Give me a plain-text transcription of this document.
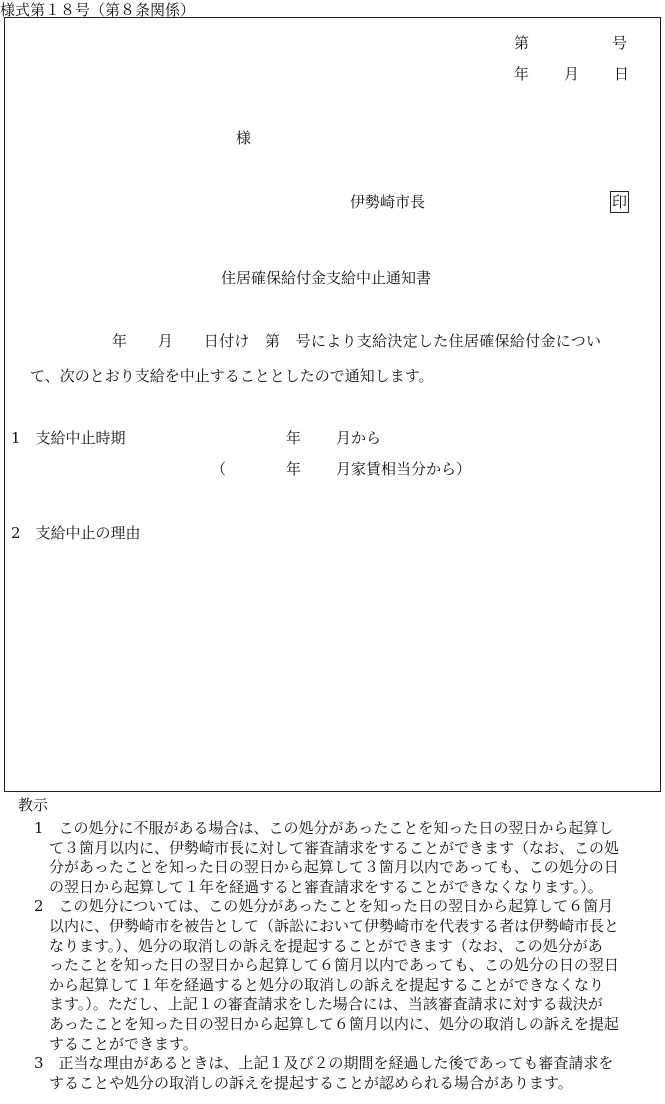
様式第１８号（第８条関係）
第	号
年 月 日
様
伊勢崎市長	印
住居確保給付金支給中止通知書
年　　月　　日付け　第　号により支給決定した住居確保給付金につい
て、次のとおり支給を中止することとしたので通知します。
1　支給中止時期	年 月から
（	年 月家賃相当分から）
2　支給中止の理由
教示
1　この処分に不服がある場合は、この処分があったことを知った日の翌日から起算し
て３箇月以内に、伊勢崎市長に対して審査請求をすることができます（なお、この処
分があったことを知った日の翌日から起算して３箇月以内であっても、この処分の日
の翌日から起算して１年を経過すると審査請求をすることができなくなります。）。
2　この処分については、この処分があったことを知った日の翌日から起算して６箇月
以内に、伊勢崎市を被告として（訴訟において伊勢崎市を代表する者は伊勢崎市長と
なります。）、処分の取消しの訴えを提起することができます（なお、この処分があ
ったことを知った日の翌日から起算して６箇月以内であっても、この処分の日の翌日
から起算して１年を経過すると処分の取消しの訴えを提起することができなくなり
ます。）。ただし、上記１の審査請求をした場合には、当該審査請求に対する裁決が
あったことを知った日の翌日から起算して６箇月以内に、処分の取消しの訴えを提起
することができます。
3　正当な理由があるときは、上記１及び２の期間を経過した後であっても審査請求を
することや処分の取消しの訴えを提起することが認められる場合があります。
